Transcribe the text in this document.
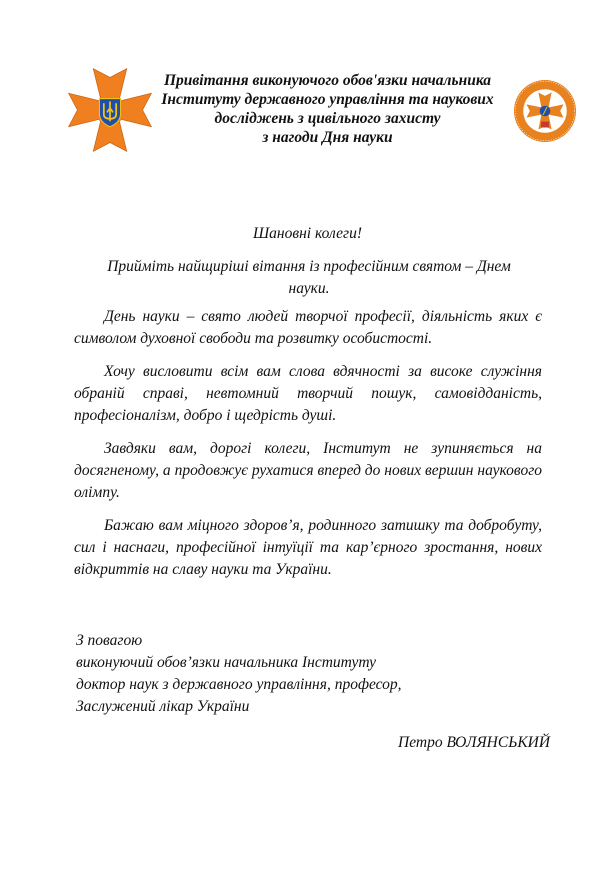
Привітання виконуючого обов'язки начальника
Інституту державного управління та наукових
досліджень з цивільного захисту
з нагоди Дня науки
Шановні колеги!
Прийміть найщиріші вітання із професійним святом – Днем науки.

День науки – свято людей творчої професії, діяльність яких є символом духовної свободи та розвитку особистості.

Хочу висловити всім вам слова вдячності за високе служіння обраній справі, невтомний творчий пошук, самовідданість, професіоналізм, добро і щедрість душі.

Завдяки вам, дорогі колеги, Інститут не зупиняється на досягненому, а продовжує рухатися вперед до нових вершин наукового олімпу.

Бажаю вам міцного здоров’я, родинного затишку та добробуту, сил і наснаги, професійної інтуїції та кар’єрного зростання, нових відкриттів на славу науки та України.

З повагою
виконуючий обов’язки начальника Інституту
доктор наук з державного управління, професор,
Заслужений лікар України
Петро ВОЛЯНСЬКИЙ
